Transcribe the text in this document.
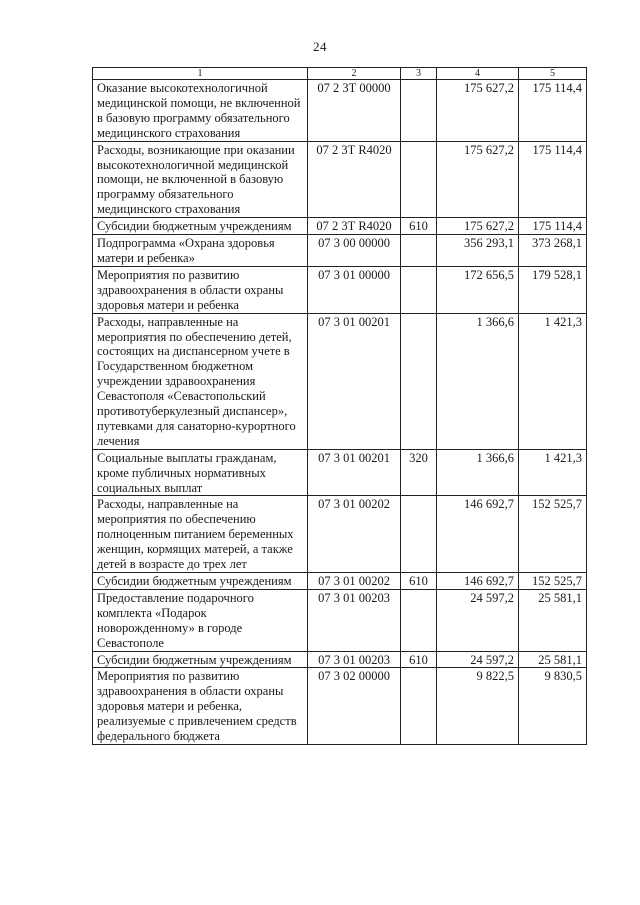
24
1	2	3	4	5
Оказание высокотехнологичной медицинской помощи, не включенной в базовую программу обязательного медицинского страхования	07 2 3Т 00000		175 627,2	175 114,4
Расходы, возникающие при оказании высокотехнологичной медицинской помощи, не включенной в базовую программу обязательного медицинского страхования	07 2 3Т R4020		175 627,2	175 114,4
Субсидии бюджетным учреждениям	07 2 3Т R4020	610	175 627,2	175 114,4
Подпрограмма «Охрана здоровья матери и ребенка»	07 3 00 00000		356 293,1	373 268,1
Мероприятия по развитию здравоохранения в области охраны здоровья матери и ребенка	07 3 01 00000		172 656,5	179 528,1
Расходы, направленные на мероприятия по обеспечению детей, состоящих на диспансерном учете в Государственном бюджетном учреждении здравоохранения Севастополя «Севастопольский противотуберкулезный диспансер», путевками для санаторно-курортного лечения	07 3 01 00201		1 366,6	1 421,3
Социальные выплаты гражданам, кроме публичных нормативных социальных выплат	07 3 01 00201	320	1 366,6	1 421,3
Расходы, направленные на мероприятия по обеспечению полноценным питанием беременных женщин, кормящих матерей, а также детей в возрасте до трех лет	07 3 01 00202		146 692,7	152 525,7
Субсидии бюджетным учреждениям	07 3 01 00202	610	146 692,7	152 525,7
Предоставление подарочного комплекта «Подарок новорожденному» в городе Севастополе	07 3 01 00203		24 597,2	25 581,1
Субсидии бюджетным учреждениям	07 3 01 00203	610	24 597,2	25 581,1
Мероприятия по развитию здравоохранения в области охраны здоровья матери и ребенка, реализуемые с привлечением средств федерального бюджета	07 3 02 00000		9 822,5	9 830,5
